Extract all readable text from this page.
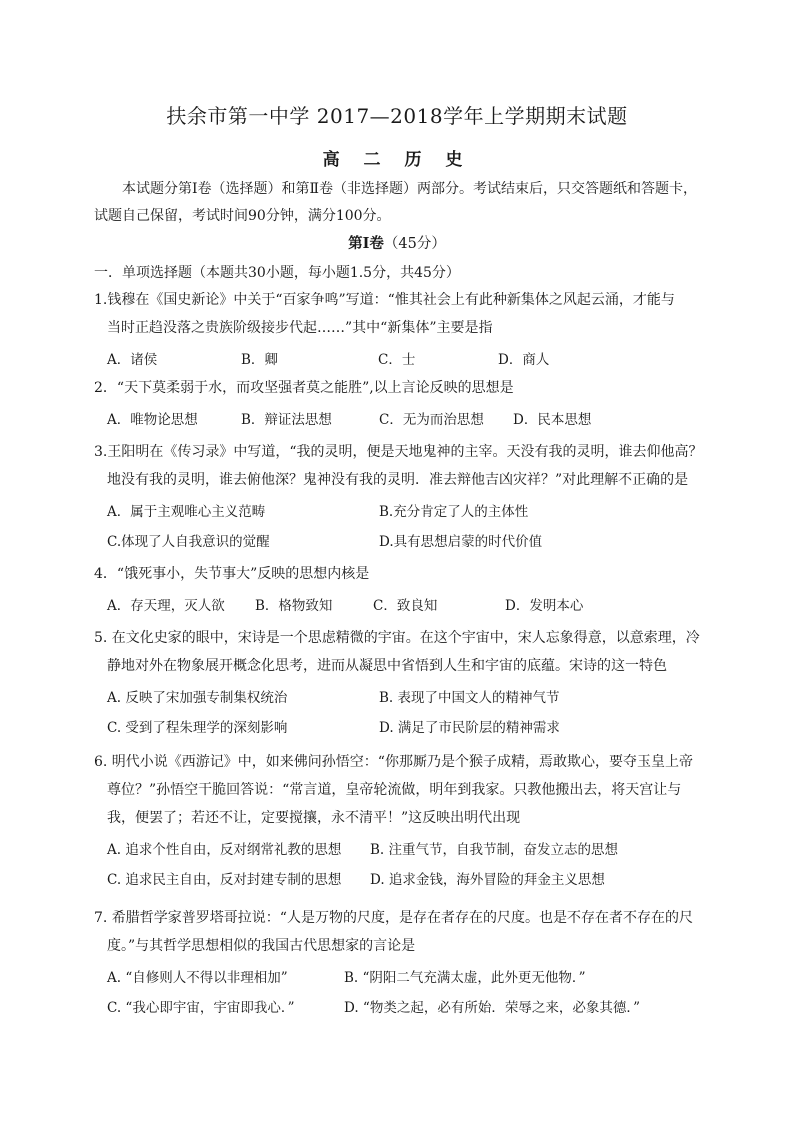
扶余市第一中学 2017—2018学年上学期期末试题
高 二 历 史

本试题分第Ⅰ卷（选择题）和第Ⅱ卷（非选择题）两部分。考试结束后，只交答题纸和答题卡，

试题自己保留，考试时间90分钟，满分100分。

第Ⅰ卷（45分）
一．单项选择题（本题共30小题，每小题1.5分，共45分）

1.钱穆在《国史新论》中关于“百家争鸣”写道：“惟其社会上有此种新集体之风起云涌，才能与

当时正趋没落之贵族阶级接步代起……”其中“新集体”主要是指

A．诸侯	B．卿	C．士	D．商人

2．“天下莫柔弱于水，而攻坚强者莫之能胜”,以上言论反映的思想是

A．唯物论思想	B．辩证法思想	C．无为而治思想 D．民本思想

3.王阳明在《传习录》中写道，“我的灵明，便是天地鬼神的主宰。天没有我的灵明，谁去仰他高？

地没有我的灵明，谁去俯他深？鬼神没有我的灵明．准去辩他吉凶灾祥？”对此理解不正确的是

A．属于主观唯心主义范畴	B.充分肯定了人的主体性
C.体现了人自我意识的觉醒	D.具有思想启蒙的时代价值

4．“饿死事小，失节事大”反映的思想内核是

A．存天理，灭人欲 B．格物致知	C．致良知	D．发明本心

5. 在文化史家的眼中，宋诗是一个思虑精微的宇宙。在这个宇宙中，宋人忘象得意，以意索理，冷

静地对外在物象展开概念化思考，进而从凝思中省悟到人生和宇宙的底蕴。宋诗的这一特色

A. 反映了宋加强专制集权统治	B. 表现了中国文人的精神气节
C. 受到了程朱理学的深刻影响	D. 满足了市民阶层的精神需求

6. 明代小说《西游记》中，如来佛问孙悟空：“你那厮乃是个猴子成精，焉敢欺心，要夺玉皇上帝

尊位？”孙悟空干脆回答说：“常言道，皇帝轮流做，明年到我家。只教他搬出去，将天宫让与

我，便罢了；若还不让，定要搅攘，永不清平！”这反映出明代出现

A. 追求个性自由，反对纲常礼教的思想 B. 注重气节，自我节制，奋发立志的思想
C. 追求民主自由，反对封建专制的思想 D. 追求金钱，海外冒险的拜金主义思想

7. 希腊哲学家普罗塔哥拉说：“人是万物的尺度，是存在者存在的尺度。也是不存在者不存在的尺

度。”与其哲学思想相似的我国古代思想家的言论是

A. “自修则人不得以非理相加”	B. “阴阳二气充满太虚，此外更无他物．”
C. “我心即宇宙，宇宙即我心．”	D. “物类之起，必有所始．荣辱之来，必象其德．”
